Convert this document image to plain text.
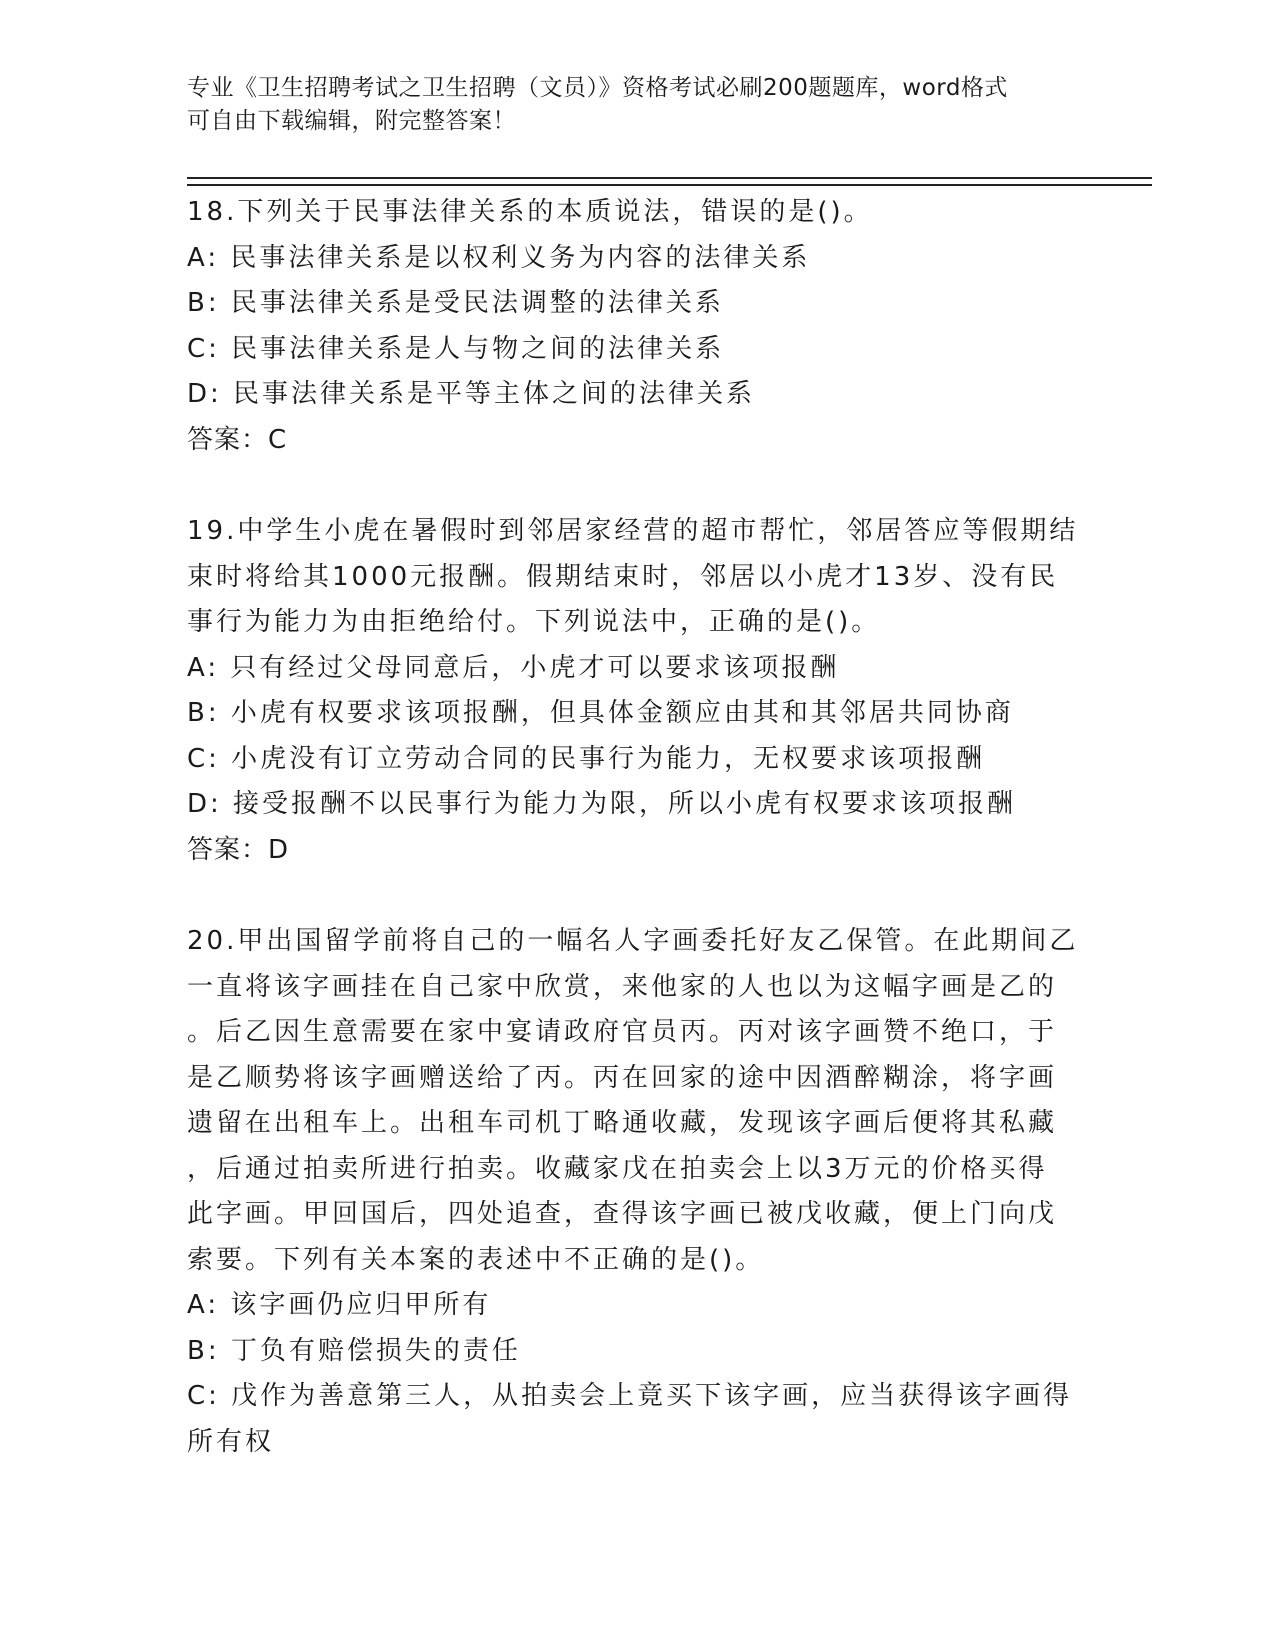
专业《卫生招聘考试之卫生招聘（文员）》资格考试必刷200题题库，word格式

可自由下载编辑，附完整答案！

18.下列关于民事法律关系的本质说法，错误的是()。
A: 民事法律关系是以权利义务为内容的法律关系
B: 民事法律关系是受民法调整的法律关系
C: 民事法律关系是人与物之间的法律关系
D: 民事法律关系是平等主体之间的法律关系
答案：C
19.中学生小虎在暑假时到邻居家经营的超市帮忙，邻居答应等假期结
束时将给其1000元报酬。假期结束时，邻居以小虎才13岁、没有民
事行为能力为由拒绝给付。下列说法中，正确的是()。
A: 只有经过父母同意后，小虎才可以要求该项报酬
B: 小虎有权要求该项报酬，但具体金额应由其和其邻居共同协商
C: 小虎没有订立劳动合同的民事行为能力，无权要求该项报酬
D: 接受报酬不以民事行为能力为限，所以小虎有权要求该项报酬
答案：D
20.甲出国留学前将自己的一幅名人字画委托好友乙保管。在此期间乙
一直将该字画挂在自己家中欣赏，来他家的人也以为这幅字画是乙的
。后乙因生意需要在家中宴请政府官员丙。丙对该字画赞不绝口，于
是乙顺势将该字画赠送给了丙。丙在回家的途中因酒醉糊涂，将字画
遗留在出租车上。出租车司机丁略通收藏，发现该字画后便将其私藏
，后通过拍卖所进行拍卖。收藏家戊在拍卖会上以3万元的价格买得
此字画。甲回国后，四处追查，查得该字画已被戊收藏，便上门向戊
索要。下列有关本案的表述中不正确的是()。
A: 该字画仍应归甲所有
B: 丁负有赔偿损失的责任
C: 戊作为善意第三人，从拍卖会上竟买下该字画，应当获得该字画得
所有权
